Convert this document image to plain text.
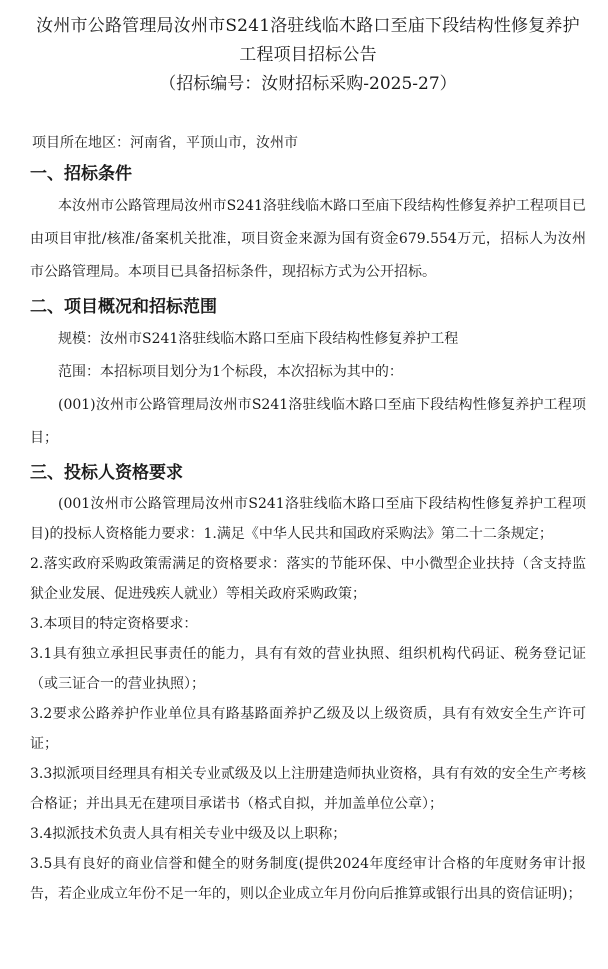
汝州市公路管理局汝州市S241洛驻线临木路口至庙下段结构性修复养护工程项目招标公告
（招标编号：汝财招标采购-2025-27）
项目所在地区：河南省，平顶山市，汝州市
一、招标条件

本汝州市公路管理局汝州市S241洛驻线临木路口至庙下段结构性修复养护工程项目已由项目审批/核准/备案机关批准，项目资金来源为国有资金679.554万元，招标人为汝州市公路管理局。本项目已具备招标条件，现招标方式为公开招标。

二、项目概况和招标范围

规模：汝州市S241洛驻线临木路口至庙下段结构性修复养护工程

范围：本招标项目划分为1个标段，本次招标为其中的：

(001)汝州市公路管理局汝州市S241洛驻线临木路口至庙下段结构性修复养护工程项目；

三、投标人资格要求

(001汝州市公路管理局汝州市S241洛驻线临木路口至庙下段结构性修复养护工程项目)的投标人资格能力要求：1.满足《中华人民共和国政府采购法》第二十二条规定；

2.落实政府采购政策需满足的资格要求：落实的节能环保、中小微型企业扶持（含支持监狱企业发展、促进残疾人就业）等相关政府采购政策；

3.本项目的特定资格要求：

3.1具有独立承担民事责任的能力，具有有效的营业执照、组织机构代码证、税务登记证（或三证合一的营业执照）；

3.2要求公路养护作业单位具有路基路面养护乙级及以上级资质，具有有效安全生产许可证；

3.3拟派项目经理具有相关专业贰级及以上注册建造师执业资格，具有有效的安全生产考核合格证；并出具无在建项目承诺书（格式自拟，并加盖单位公章）；

3.4拟派技术负责人具有相关专业中级及以上职称；

3.5具有良好的商业信誉和健全的财务制度(提供2024年度经审计合格的年度财务审计报告，若企业成立年份不足一年的，则以企业成立年月份向后推算或银行出具的资信证明)；
